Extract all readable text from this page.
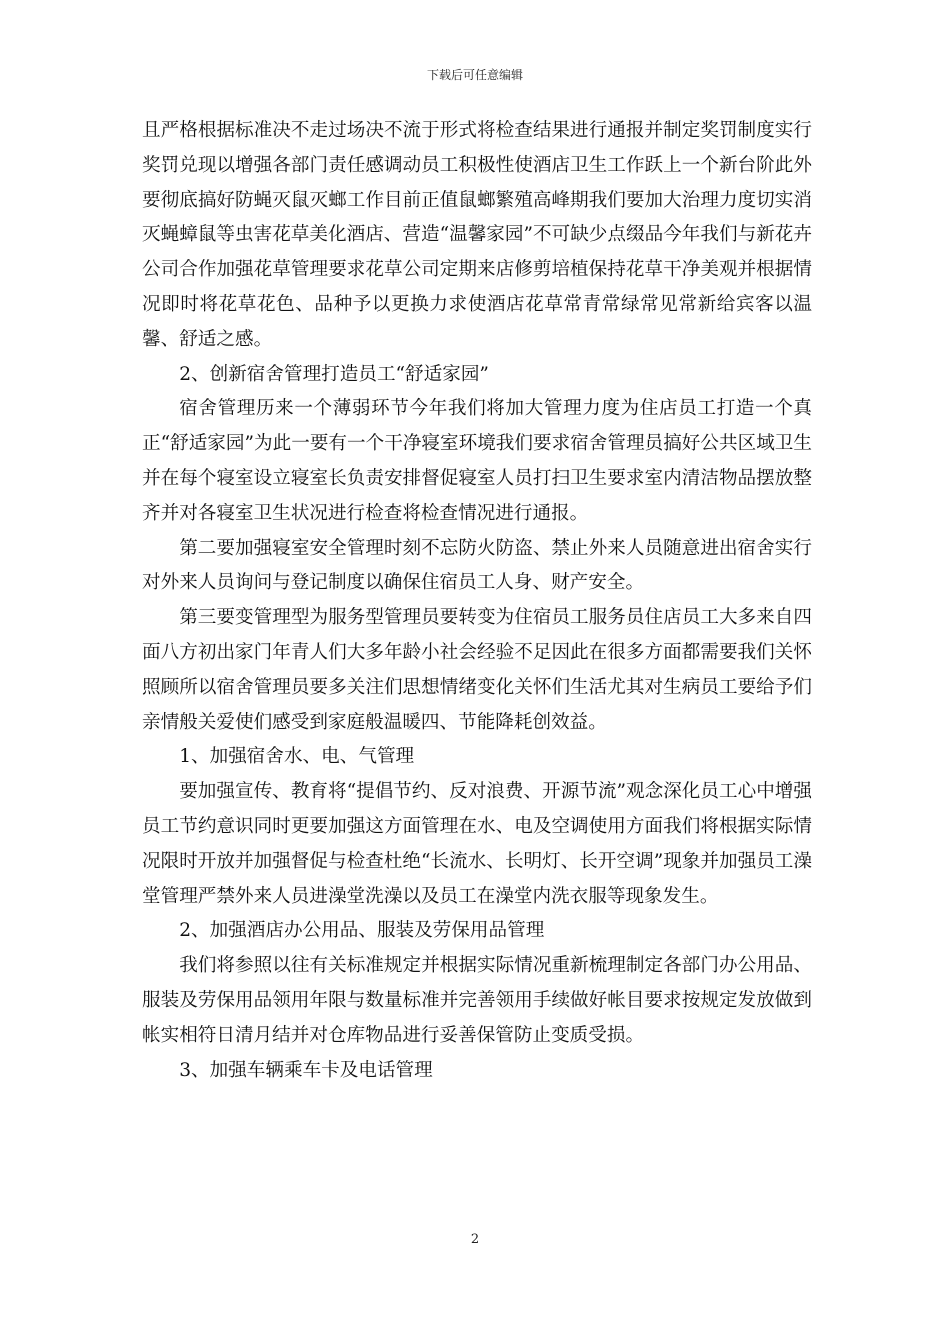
下载后可任意编辑

且严格根据标准决不走过场决不流于形式将检查结果进行通报并制定奖罚制度实行奖罚兑现以增强各部门责任感调动员工积极性使酒店卫生工作跃上一个新台阶此外要彻底搞好防蝇灭鼠灭螂工作目前正值鼠螂繁殖高峰期我们要加大治理力度切实消灭蝇蟑鼠等虫害花草美化酒店、营造“温馨家园”不可缺少点缀品今年我们与新花卉公司合作加强花草管理要求花草公司定期来店修剪培植保持花草干净美观并根据情况即时将花草花色、品种予以更换力求使酒店花草常青常绿常见常新给宾客以温馨、舒适之感。

2、创新宿舍管理打造员工“舒适家园”

宿舍管理历来一个薄弱环节今年我们将加大管理力度为住店员工打造一个真正“舒适家园”为此一要有一个干净寝室环境我们要求宿舍管理员搞好公共区域卫生并在每个寝室设立寝室长负责安排督促寝室人员打扫卫生要求室内清洁物品摆放整齐并对各寝室卫生状况进行检查将检查情况进行通报。

第二要加强寝室安全管理时刻不忘防火防盗、禁止外来人员随意进出宿舍实行对外来人员询问与登记制度以确保住宿员工人身、财产安全。

第三要变管理型为服务型管理员要转变为住宿员工服务员住店员工大多来自四面八方初出家门年青人们大多年龄小社会经验不足因此在很多方面都需要我们关怀照顾所以宿舍管理员要多关注们思想情绪变化关怀们生活尤其对生病员工要给予们亲情般关爱使们感受到家庭般温暖四、节能降耗创效益。

1、加强宿舍水、电、气管理

要加强宣传、教育将“提倡节约、反对浪费、开源节流”观念深化员工心中增强员工节约意识同时更要加强这方面管理在水、电及空调使用方面我们将根据实际情况限时开放并加强督促与检查杜绝“长流水、长明灯、长开空调”现象并加强员工澡堂管理严禁外来人员进澡堂洗澡以及员工在澡堂内洗衣服等现象发生。

2、加强酒店办公用品、服装及劳保用品管理

我们将参照以往有关标准规定并根据实际情况重新梳理制定各部门办公用品、服装及劳保用品领用年限与数量标准并完善领用手续做好帐目要求按规定发放做到帐实相符日清月结并对仓库物品进行妥善保管防止变质受损。

3、加强车辆乘车卡及电话管理

2
